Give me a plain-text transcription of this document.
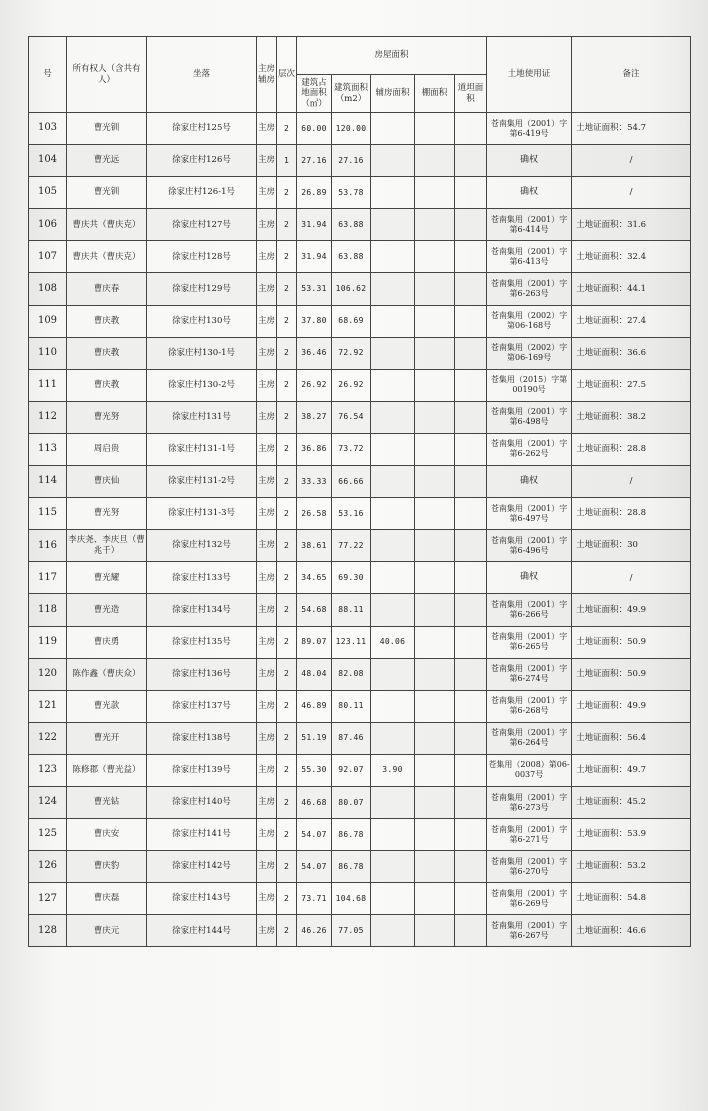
号	所有权人（含共有人）	坐落	主房辅房	层次	房屋面积					土地使用证	备注
					建筑占地面积（㎡）	建筑面积（m2）	辅房面积	棚面积	道坦面积		
103	曹光钏	徐家庄村125号	主房	2	60.00	120.00				苍南集用（2001）字第6-419号	土地证面积：54.7
104	曹光远	徐家庄村126号	主房	1	27.16	27.16				确权	/
105	曹光钏	徐家庄村126-1号	主房	2	26.89	53.78				确权	/
106	曹庆共（曹庆克）	徐家庄村127号	主房	2	31.94	63.88				苍南集用（2001）字第6-414号	土地证面积：31.6
107	曹庆共（曹庆克）	徐家庄村128号	主房	2	31.94	63.88				苍南集用（2001）字第6-413号	土地证面积：32.4
108	曹庆春	徐家庄村129号	主房	2	53.31	106.62				苍南集用（2001）字第6-263号	土地证面积：44.1
109	曹庆教	徐家庄村130号	主房	2	37.80	68.69				苍南集用（2002）字第06-168号	土地证面积：27.4
110	曹庆教	徐家庄村130-1号	主房	2	36.46	72.92				苍南集用（2002）字第06-169号	土地证面积：36.6
111	曹庆教	徐家庄村130-2号	主房	2	26.92	26.92				苍集用（2015）字第00190号	土地证面积：27.5
112	曹光努	徐家庄村131号	主房	2	38.27	76.54				苍南集用（2001）字第6-498号	土地证面积：38.2
113	周启贵	徐家庄村131-1号	主房	2	36.86	73.72				苍南集用（2001）字第6-262号	土地证面积：28.8
114	曹庆仙	徐家庄村131-2号	主房	2	33.33	66.66				确权	/
115	曹光努	徐家庄村131-3号	主房	2	26.58	53.16				苍南集用（2001）字第6-497号	土地证面积：28.8
116	李庆尧、李庆旦（曹兆千）	徐家庄村132号	主房	2	38.61	77.22				苍南集用（2001）字第6-496号	土地证面积：30
117	曹光耀	徐家庄村133号	主房	2	34.65	69.30				确权	/
118	曹光造	徐家庄村134号	主房	2	54.68	88.11				苍南集用（2001）字第6-266号	土地证面积：49.9
119	曹庆勇	徐家庄村135号	主房	2	89.07	123.11	40.06			苍南集用（2001）字第6-265号	土地证面积：50.9
120	陈作鑫（曹庆众）	徐家庄村136号	主房	2	48.04	82.08				苍南集用（2001）字第6-274号	土地证面积：50.9
121	曹光款	徐家庄村137号	主房	2	46.89	80.11				苍南集用（2001）字第6-268号	土地证面积：49.9
122	曹光开	徐家庄村138号	主房	2	51.19	87.46				苍南集用（2001）字第6-264号	土地证面积：56.4
123	陈修郡（曹光益）	徐家庄村139号	主房	2	55.30	92.07	3.90			苍集用（2008）第06-0037号	土地证面积：49.7
124	曹光钻	徐家庄村140号	主房	2	46.68	80.07				苍南集用（2001）字第6-273号	土地证面积：45.2
125	曹庆安	徐家庄村141号	主房	2	54.07	86.78				苍南集用（2001）字第6-271号	土地证面积：53.9
126	曹庆豹	徐家庄村142号	主房	2	54.07	86.78				苍南集用（2001）字第6-270号	土地证面积：53.2
127	曹庆磊	徐家庄村143号	主房	2	73.71	104.68				苍南集用（2001）字第6-269号	土地证面积：54.8
128	曹庆元	徐家庄村144号	主房	2	46.26	77.05				苍南集用（2001）字第6-267号	土地证面积：46.6
